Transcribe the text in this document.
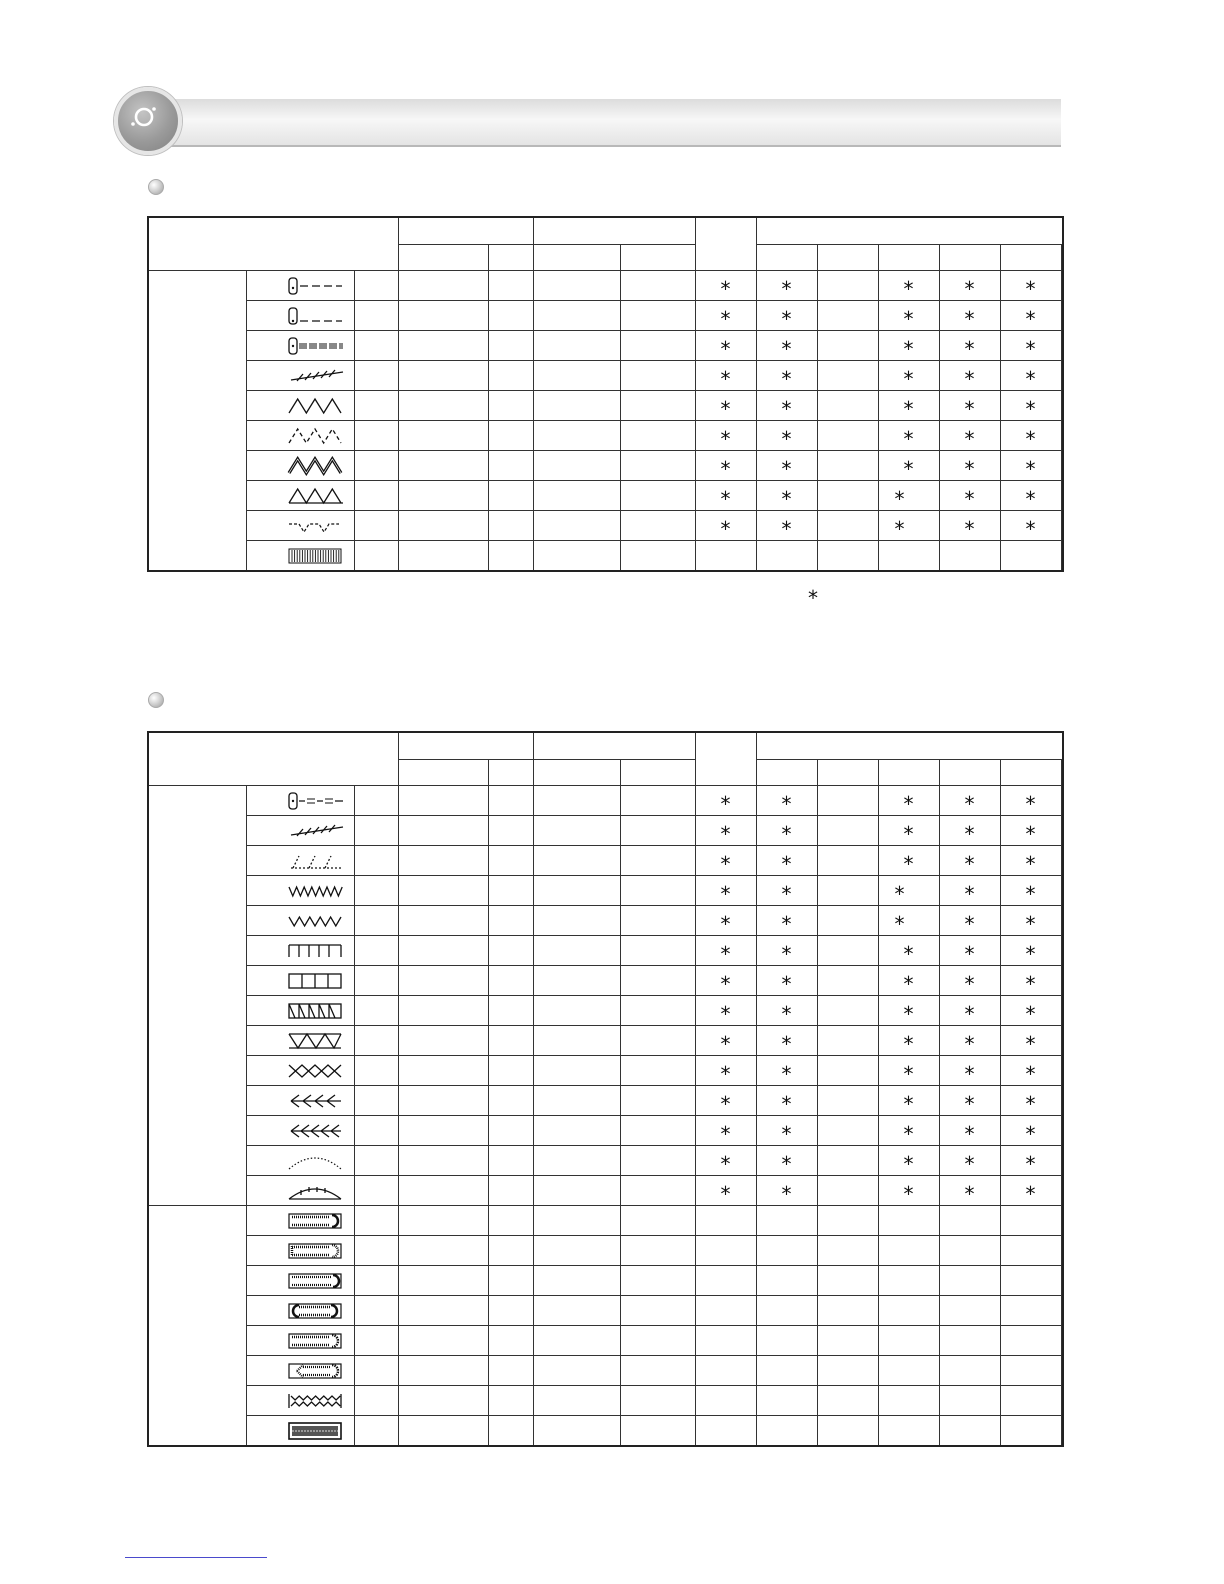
						*	*		*	*	*	

						*	*		*	*	*	

						*	*		*	*	*	

						*	*		*	*	*	

						*	*		*	*	*	

						*	*		*	*	*	

						*	*		*	*	*	

						*	*		*	*	*	

						*	*		*	*	*	

*

						*	*		*	*	*	

						*	*		*	*	*	

						*	*		*	*	*	

						*	*		*	*	*	

						*	*		*	*	*	

						*	*		*	*	*	

						*	*		*	*	*	

						*	*		*	*	*	

						*	*		*	*	*	

						*	*		*	*	*	

						*	*		*	*	*	

						*	*		*	*	*	

						*	*		*	*	*	

						*	*		*	*	*	
